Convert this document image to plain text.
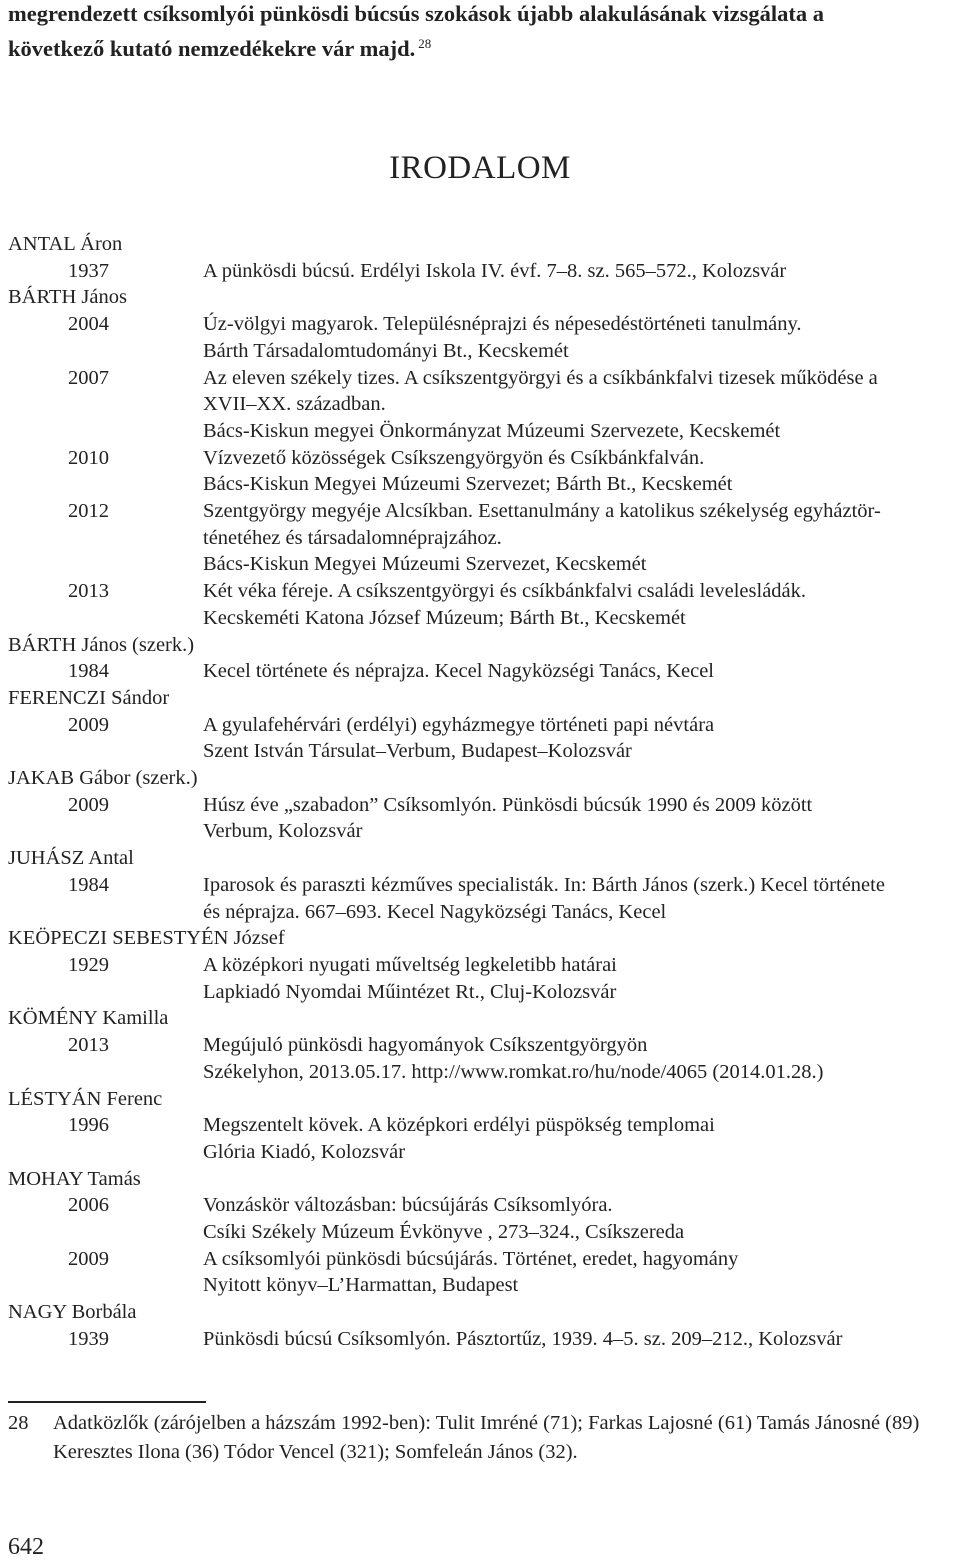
megrendezett csíksomlyói pünkösdi búcsús szokások újabb alakulásának vizsgálata a
következő kutató nemzedékekre vár majd. $^{28}$
IRODALOM
ANTAL Áron
1937	A pünkösdi búcsú. Erdélyi Iskola IV. évf. 7–8. sz. 565–572., Kolozsvár
BÁRTH János
2004	Úz-völgyi magyarok. Településnéprajzi és népesedéstörténeti tanulmány.
Bárth Társadalomtudományi Bt., Kecskemét
2007	Az eleven székely tizes. A csíkszentgyörgyi és a csíkbánkfalvi tizesek működése a
XVII–XX. században.
Bács-Kiskun megyei Önkormányzat Múzeumi Szervezete, Kecskemét
2010	Vízvezető közösségek Csíkszengyörgyön és Csíkbánkfalván.
Bács-Kiskun Megyei Múzeumi Szervezet; Bárth Bt., Kecskemét
2012	Szentgyörgy megyéje Alcsíkban. Esettanulmány a katolikus székelység egyháztör-
ténetéhez és társadalomnéprajzához.
Bács-Kiskun Megyei Múzeumi Szervezet, Kecskemét
2013	Két véka féreje. A csíkszentgyörgyi és csíkbánkfalvi családi levelesládák.
Kecskeméti Katona József Múzeum; Bárth Bt., Kecskemét
BÁRTH János (szerk.)
1984	Kecel története és néprajza. Kecel Nagyközségi Tanács, Kecel
FERENCZI Sándor
2009	A gyulafehérvári (erdélyi) egyházmegye történeti papi névtára
Szent István Társulat–Verbum, Budapest–Kolozsvár
JAKAB Gábor (szerk.)
2009	Húsz éve „szabadon” Csíksomlyón. Pünkösdi búcsúk 1990 és 2009 között
Verbum, Kolozsvár
JUHÁSZ Antal
1984	Iparosok és paraszti kézműves specialisták. In: Bárth János (szerk.) Kecel története
és néprajza. 667–693. Kecel Nagyközségi Tanács, Kecel
KEÖPECZI SEBESTYÉN József
1929	A középkori nyugati műveltség legkeletibb határai
Lapkiadó Nyomdai Műintézet Rt., Cluj-Kolozsvár
KÖMÉNY Kamilla
2013	Megújuló pünkösdi hagyományok Csíkszentgyörgyön
Székelyhon, 2013.05.17. http://www.romkat.ro/hu/node/4065 (2014.01.28.)
LÉSTYÁN Ferenc
1996	Megszentelt kövek. A középkori erdélyi püspökség templomai
Glória Kiadó, Kolozsvár
MOHAY Tamás
2006	Vonzáskör változásban: búcsújárás Csíksomlyóra.
Csíki Székely Múzeum Évkönyve , 273–324., Csíkszereda
2009	A csíksomlyói pünkösdi búcsújárás. Történet, eredet, hagyomány
Nyitott könyv–L’Harmattan, Budapest
NAGY Borbála
1939	Pünkösdi búcsú Csíksomlyón. Pásztortűz, 1939. 4–5. sz. 209–212., Kolozsvár
28	Adatközlők (zárójelben a házszám 1992-ben): Tulit Imréné (71); Farkas Lajosné (61) Tamás Jánosné (89) Keresztes Ilona (36) Tódor Vencel (321); Somfeleán János (32).
642
